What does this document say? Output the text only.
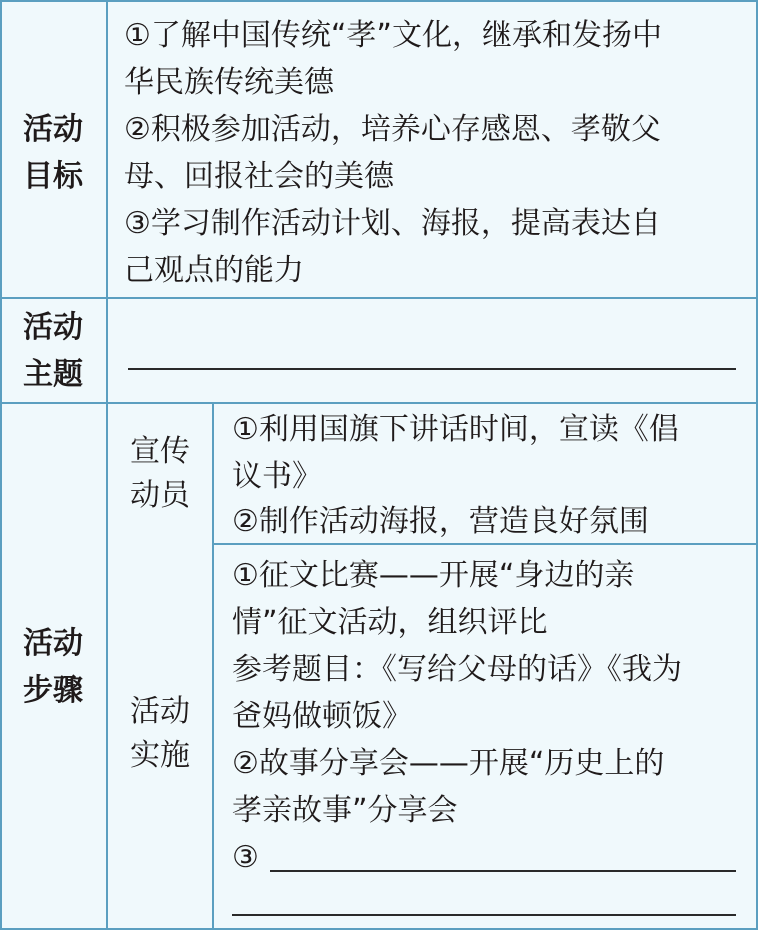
活动
目标
①了解中国传统“孝”文化，继承和发扬中
华民族传统美德
②积极参加活动，培养心存感恩、孝敬父
母、回报社会的美德
③学习制作活动计划、海报，提高表达自
己观点的能力
活动
主题
活动
步骤
宣传
动员
①利用国旗下讲话时间，宣读《倡
议书》
②制作活动海报，营造良好氛围
活动
实施
①征文比赛——开展“身边的亲
情”征文活动，组织评比
参考题目：《写给父母的话》《我为
爸妈做顿饭》
②故事分享会——开展“历史上的
孝亲故事”分享会
③
